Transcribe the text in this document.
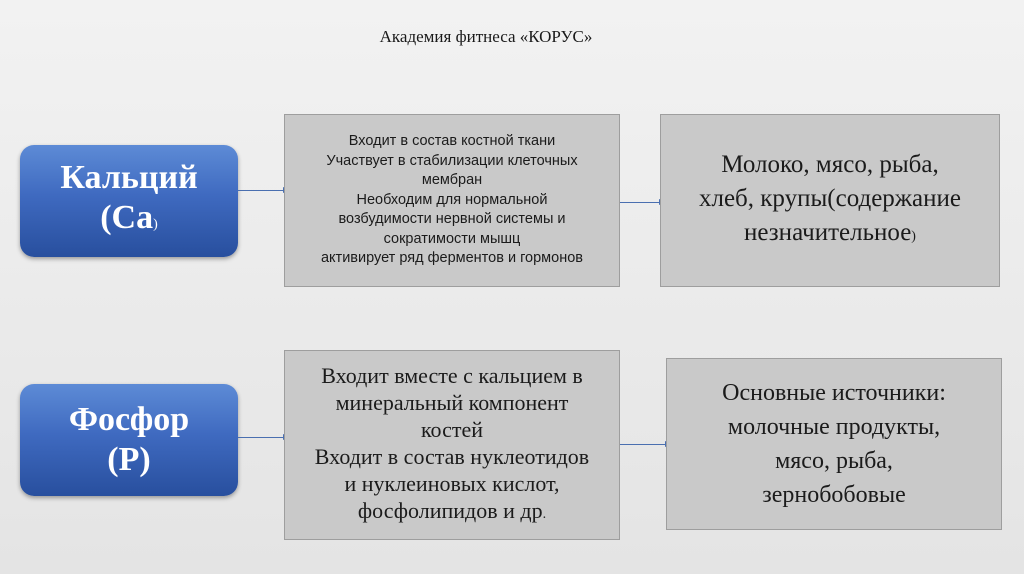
Академия фитнеса «КОРУС»
Кальций
(Ca)
Входит в состав костной ткани
Участвует в стабилизации клеточных
мембран
Необходим для нормальной
возбудимости нервной системы и
сократимости мышц
активирует ряд ферментов и гормонов
Молоко, мясо, рыба,
хлеб, крупы(содержание
незначительное)
Фосфор
(P)
Входит вместе с кальцием в
минеральный компонент
костей
Входит в состав нуклеотидов
и нуклеиновых кислот,
фосфолипидов и др.
Основные источники:
молочные продукты,
мясо, рыба,
зернобобовые
